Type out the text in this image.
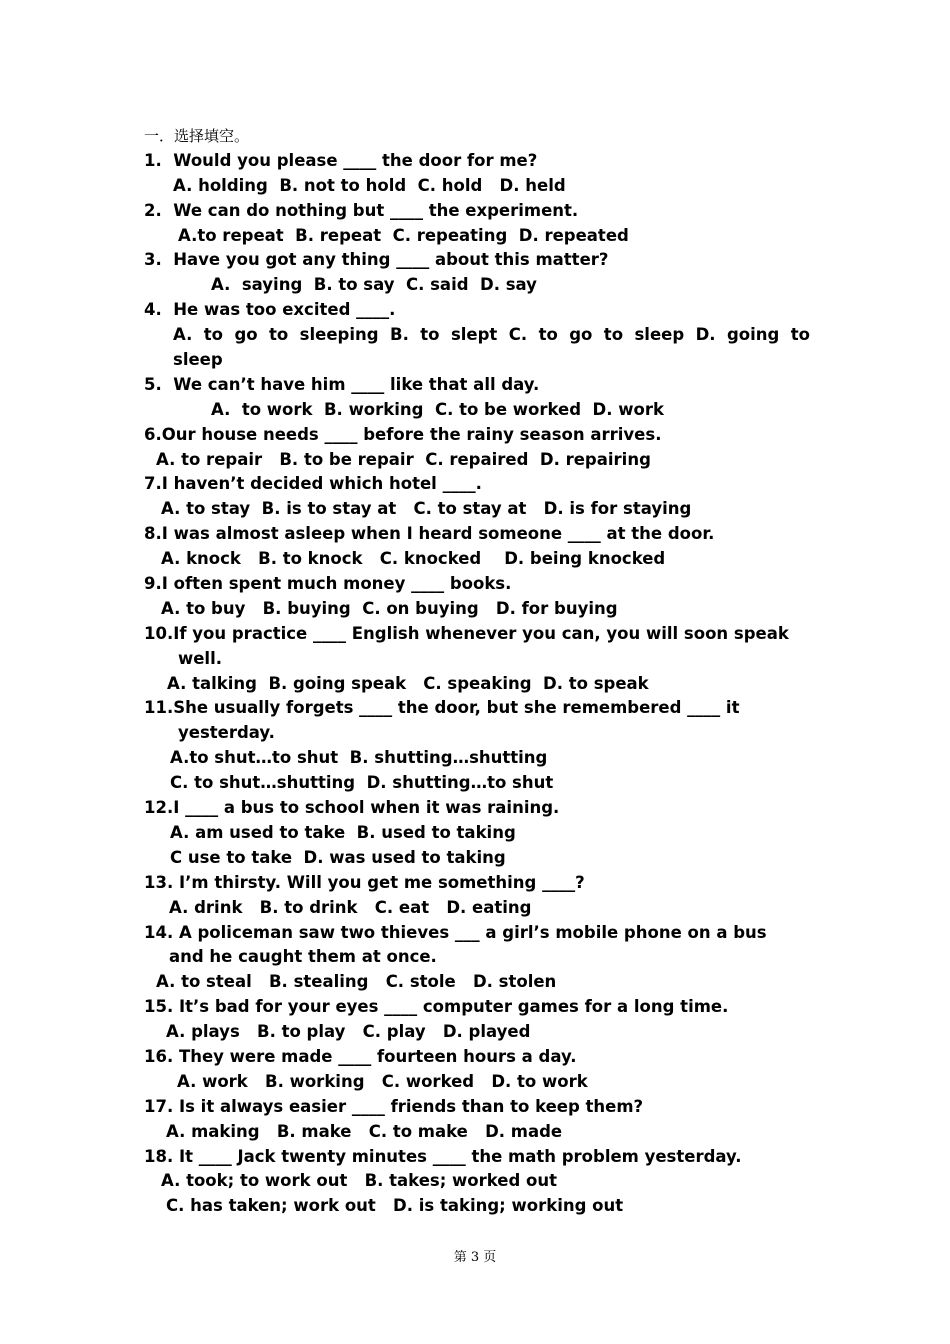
一．选择填空。
1.  Would you please ____ the door for me?
A. holding  B. not to hold  C. hold   D. held
2.  We can do nothing but ____ the experiment.
A.to repeat  B. repeat  C. repeating  D. repeated
3.  Have you got any thing ____ about this matter?
A.  saying  B. to say  C. said  D. say
4.  He was too excited ____.
A. to go to sleeping B. to slept C. to go to sleep D. going to
sleep
5.  We can’t have him ____ like that all day.
A.  to work  B. working  C. to be worked  D. work
6.Our house needs ____ before the rainy season arrives.
A. to repair   B. to be repair  C. repaired  D. repairing
7.I haven’t decided which hotel ____.
A. to stay  B. is to stay at   C. to stay at   D. is for staying
8.I was almost asleep when I heard someone ____ at the door.
A. knock   B. to knock   C. knocked    D. being knocked
9.I often spent much money ____ books.
A. to buy   B. buying  C. on buying   D. for buying
10.If you practice ____ English whenever you can, you will soon speak
well.
A. talking  B. going speak   C. speaking  D. to speak
11.She usually forgets ____ the door, but she remembered ____ it
yesterday.
A.to shut…to shut  B. shutting…shutting
C. to shut…shutting  D. shutting…to shut
12.I ____ a bus to school when it was raining.
A. am used to take  B. used to taking
C use to take  D. was used to taking
13. I’m thirsty. Will you get me something ____?
A. drink   B. to drink   C. eat   D. eating
14. A policeman saw two thieves ___ a girl’s mobile phone on a bus
and he caught them at once.
A. to steal   B. stealing   C. stole   D. stolen
15. It’s bad for your eyes ____ computer games for a long time.
A. plays   B. to play   C. play   D. played
16. They were made ____ fourteen hours a day.
A. work   B. working   C. worked   D. to work
17. Is it always easier ____ friends than to keep them?
A. making   B. make   C. to make   D. made
18. It ____ Jack twenty minutes ____ the math problem yesterday.
A. took; to work out   B. takes; worked out
C. has taken; work out   D. is taking; working out
第 3 页
